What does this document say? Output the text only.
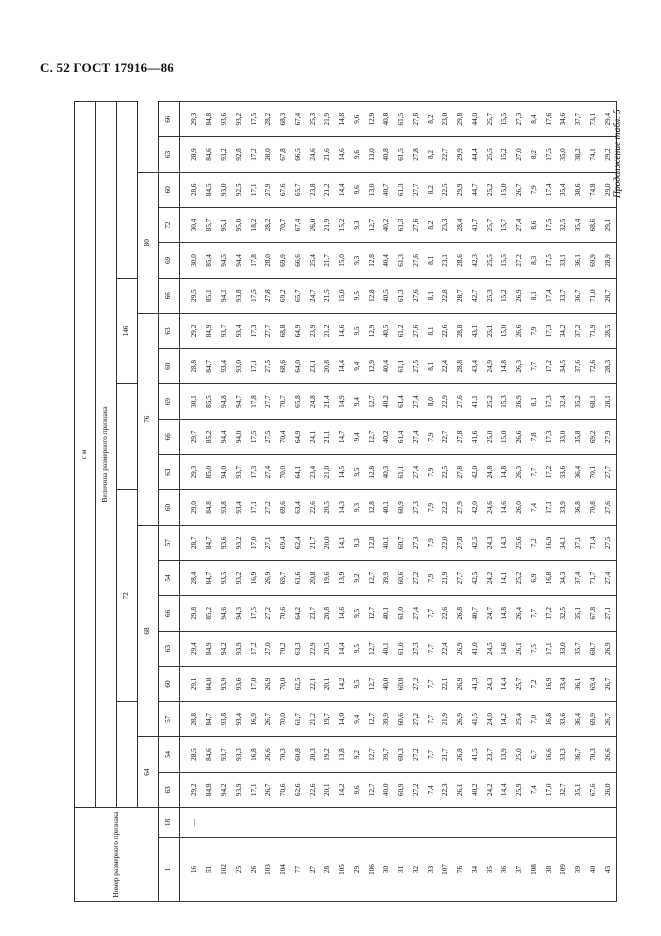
С. 52 ГОСТ 17916—86
Номер размерного признака		с м																			
		Величина размерного признака																			
					72									146							
		64		68						76						80					
1	18	63	54	57	60	63	66	54	57	60	63	66	69	60	63	66	69	72	60	63	66
16	—	29,2	28,5	28,8	29,1	29,4	29,8	28,4	28,7	29,0	29,3	29,7	30,1	28,8	29,2	29,5	30,0	30,4	28,6	28,9	29,3
51		84,8	84,6	84,7	84,8	84,9	85,2	84,7	84,7	84,8	85,0	85,2	85,5	84,7	84,9	85,1	85,4	85,7	84,5	84,6	84,8
102		94,2	93,7	93,8	93,9	94,2	94,6	93,5	93,6	93,8	94,0	94,4	94,8	93,4	93,7	94,1	94,5	95,1	93,0	93,2	93,6
25		93,9	93,3	93,4	93,6	93,9	94,3	93,2	93,2	93,4	93,7	94,0	94,7	93,0	93,4	93,8	94,4	95,0	92,5	92,8	93,2
26		17,1	16,8	16,9	17,0	17,2	17,5	16,9	17,0	17,1	17,3	17,5	17,8	17,1	17,3	17,5	17,8	18,2	17,1	17,2	17,5
103		26,7	26,6	26,7	26,9	27,0	27,2	26,9	27,1	27,2	27,4	27,5	27,7	27,5	27,7	27,8	28,0	28,2	27,9	28,0	28,2
104		70,6	70,3	70,0	70,0	70,2	70,6	69,7	69,4	69,6	70,0	70,4	70,7	68,6	68,8	69,2	69,9	70,7	67,6	67,8	68,3
77		62,6	60,8	61,7	62,5	63,3	64,2	61,6	62,4	63,4	64,1	64,9	65,8	64,0	64,9	65,7	66,6	67,4	65,7	66,5	67,4
27		22,6	20,3	21,2	22,1	22,9	23,7	20,8	21,7	22,6	23,4	24,1	24,8	23,1	23,9	24,7	25,4	26,0	23,8	24,6	25,3
28		20,1	19,2	19,7	20,1	20,5	20,8	19,6	20,0	20,5	21,0	21,1	21,4	20,8	21,2	21,5	21,7	21,9	21,2	21,6	21,9
105		14,2	13,8	14,0	14,2	14,4	14,6	13,9	14,1	14,3	14,5	14,7	14,9	14,4	14,6	15,0	15,0	15,2	14,4	14,6	14,8
29		9,6	9,2	9,4	9,5	9,5	9,5	9,2	9,3	9,3	9,5	9,4	9,4	9,4	9,5	9,5	9,3	9,3	9,6	9,6	9,6
106		12,7	12,7	12,7	12,7	12,7	12,7	12,7	12,8	12,8	12,8	12,7	12,7	12,9	12,9	12,8	12,8	12,7	13,0	13,0	12,9
30		40,0	39,7	39,9	40,0	40,1	40,1	39,9	40,1	40,1	40,3	40,2	40,2	40,4	40,5	40,5	40,4	40,2	40,7	40,8	40,8
31		60,9	60,3	60,6	60,8	61,0	61,0	60,6	60,7	60,9	61,1	61,4	61,4	61,1	61,2	61,3	61,3	61,3	61,3	61,5	61,5
32		27,2	27,2	27,2	27,2	27,3	27,4	27,2	27,3	27,3	27,4	27,4	27,4	27,5	27,6	27,6	27,6	27,6	27,7	27,8	27,8
33		7,4	7,7	7,7	7,7	7,7	7,7	7,9	7,9	7,9	7,9	7,9	8,0	8,1	8,1	8,1	8,1	8,2	8,2	8,2	8,2
107		22,3	21,7	21,9	22,1	22,4	22,6	21,9	22,0	22,2	22,5	22,7	22,9	22,4	22,6	22,8	23,1	23,3	22,5	22,7	23,0
76		26,1	26,8	26,9	26,9	26,9	26,8	27,7	27,8	27,9	27,8	27,8	27,6	28,8	28,8	28,7	28,6	28,4	29,9	29,9	29,8
34		40,2	41,5	41,5	41,3	41,0	40,7	42,5	42,5	42,0	42,0	41,6	41,1	43,4	43,1	42,7	42,3	41,7	44,7	44,4	44,0
35		24,2	23,7	24,0	24,3	24,5	24,7	24,2	24,3	24,6	24,8	25,0	25,2	24,9	25,1	25,3	25,5	25,7	25,2	25,5	25,7
36		14,4	13,9	14,2	14,4	14,6	14,8	14,1	14,3	14,6	14,8	15,0	15,3	14,8	15,0	15,2	15,5	15,7	15,0	15,2	15,5
37		25,9	25,0	25,4	25,7	26,1	26,4	25,2	25,6	26,0	26,3	26,6	26,9	26,3	26,6	26,9	27,2	27,4	26,7	27,0	27,3
108		7,4	6,7	7,0	7,2	7,5	7,7	6,9	7,2	7,4	7,7	7,8	8,1	7,7	7,9	8,1	8,3	8,6	7,9	8,2	8,4
38		17,0	16,6	16,8	16,9	17,1	17,2	16,8	16,9	17,1	17,2	17,3	17,3	17,2	17,3	17,4	17,5	17,5	17,4	17,5	17,6
109		32,7	33,3	33,6	33,4	33,0	32,5	34,3	34,1	33,9	33,6	33,0	32,4	34,5	34,2	33,7	33,1	32,5	35,4	35,0	34,6
39		35,1	36,7	36,4	36,1	35,7	35,1	37,4	37,1	36,8	36,4	35,8	35,2	37,6	37,2	36,7	36,1	35,4	38,6	38,2	37,7
40		67,6	70,3	69,9	69,4	68,7	67,8	71,7	71,4	70,8	70,1	69,2	68,1	72,6	71,9	71,0	69,9	68,6	74,8	74,1	73,1
43		26,0	26,6	26,7	26,7	26,9	27,1	27,4	27,5	27,6	27,7	27,9	28,1	28,3	28,5	28,7	28,9	29,1	29,0	29,2	29,4 Продолжение табл. 5
